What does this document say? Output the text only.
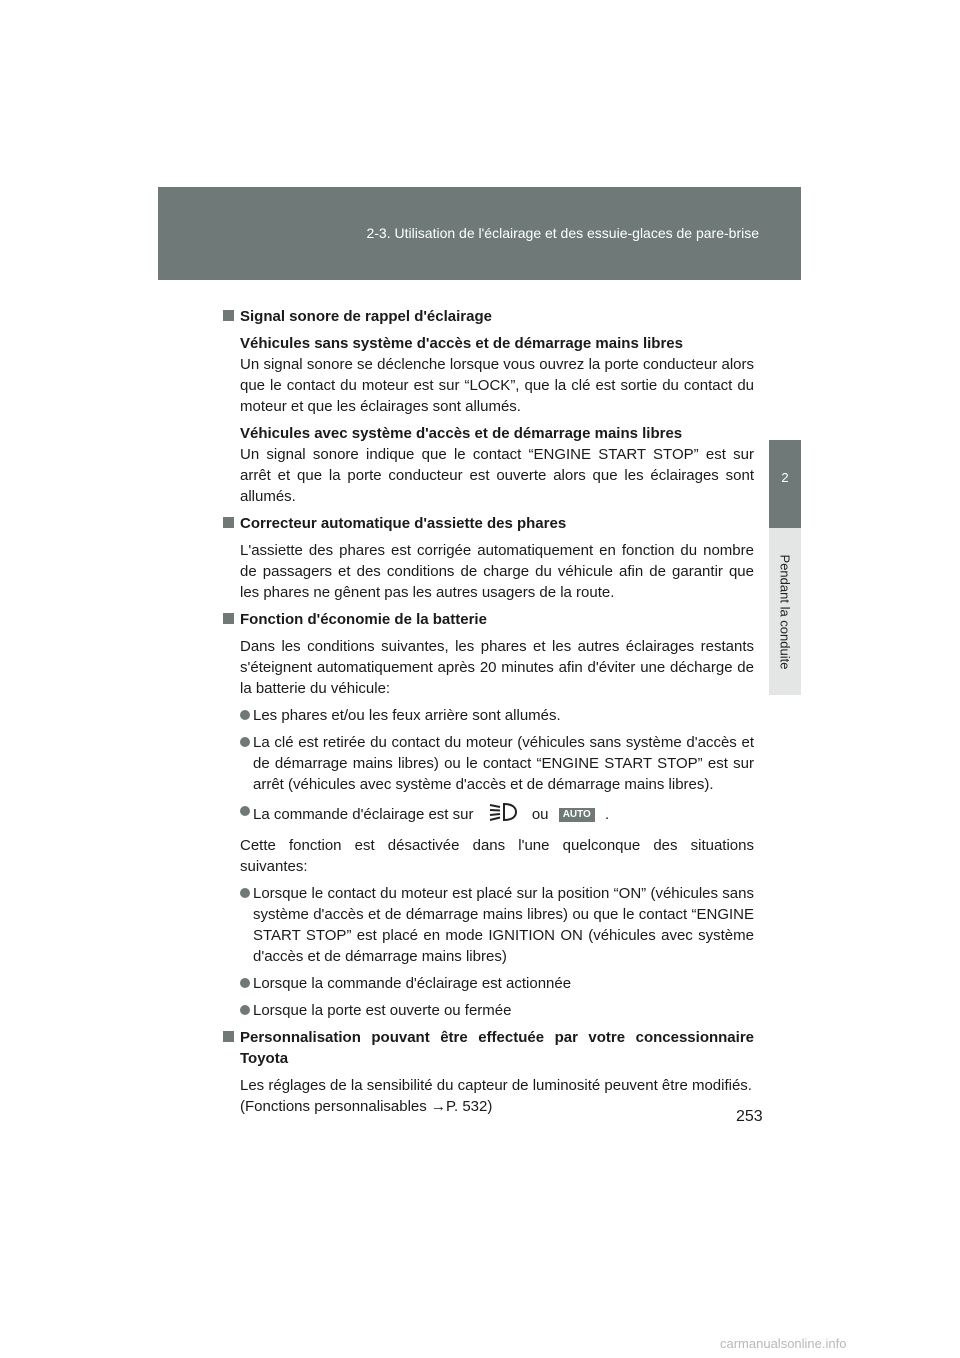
2-3. Utilisation de l'éclairage et des essuie-glaces de pare-brise
2
Pendant la conduite
Signal sonore de rappel d'éclairage
Véhicules sans système d'accès et de démarrage mains libres
Un signal sonore se déclenche lorsque vous ouvrez la porte conducteur alors que le contact du moteur est sur “LOCK”, que la clé est sortie du contact du moteur et que les éclairages sont allumés.
Véhicules avec système d'accès et de démarrage mains libres
Un signal sonore indique que le contact “ENGINE START STOP” est sur arrêt et que la porte conducteur est ouverte alors que les éclairages sont allumés.
Correcteur automatique d'assiette des phares
L'assiette des phares est corrigée automatiquement en fonction du nombre de passagers et des conditions de charge du véhicule afin de garantir que les phares ne gênent pas les autres usagers de la route.
Fonction d'économie de la batterie
Dans les conditions suivantes, les phares et les autres éclairages restants s'éteignent automatiquement après 20 minutes afin d'éviter une décharge de la batterie du véhicule:
Les phares et/ou les feux arrière sont allumés.
La clé est retirée du contact du moteur (véhicules sans système d'accès et de démarrage mains libres) ou le contact “ENGINE START STOP” est sur arrêt (véhicules avec système d'accès et de démarrage mains libres).
La commande d'éclairage est sur	ou AUTO .
Cette fonction est désactivée dans l'une quelconque des situations suivantes:
Lorsque le contact du moteur est placé sur la position “ON” (véhicules sans système d'accès et de démarrage mains libres) ou que le contact “ENGINE START STOP” est placé en mode IGNITION ON (véhicules avec système d'accès et de démarrage mains libres)
Lorsque la commande d'éclairage est actionnée
Lorsque la porte est ouverte ou fermée
Personnalisation pouvant être effectuée par votre concessionnaire Toyota
Les réglages de la sensibilité du capteur de luminosité peuvent être modifiés.
(Fonctions personnalisables →P. 532)
253
carmanualsonline.info
